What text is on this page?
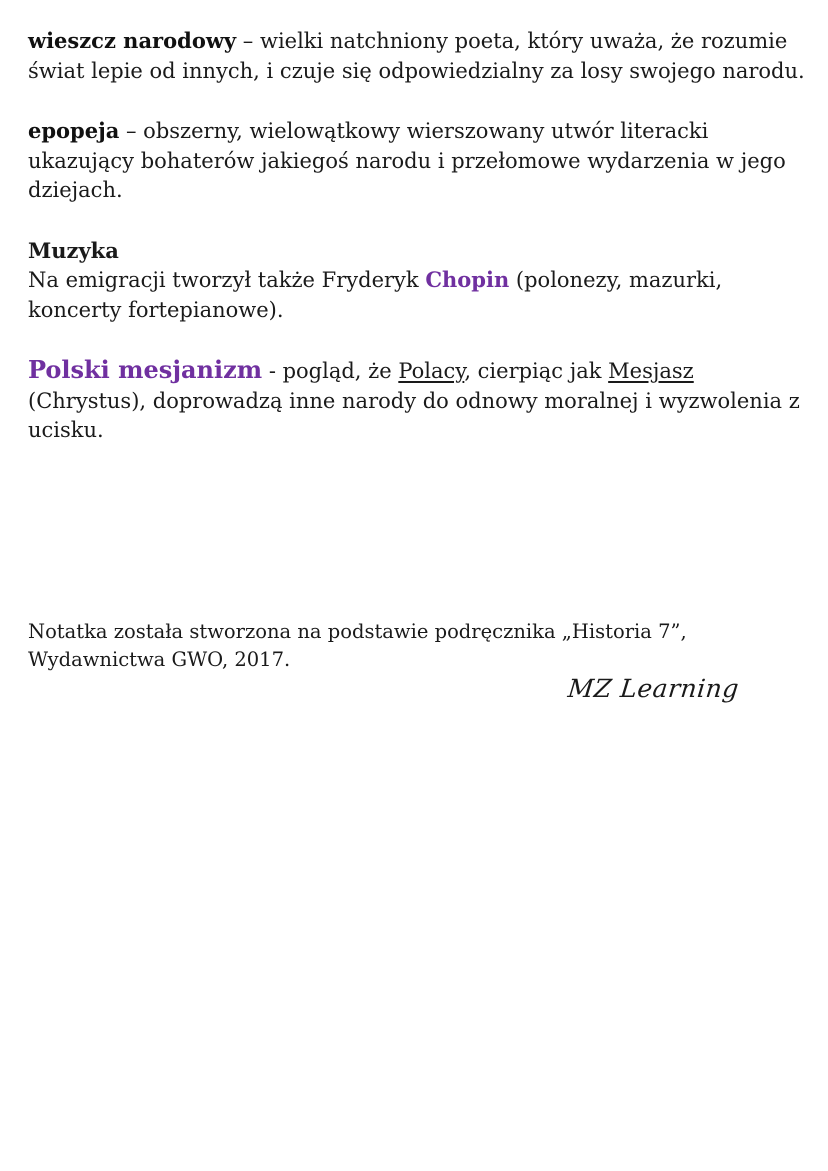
wieszcz narodowy – wielki natchniony poeta, który uważa, że rozumie świat lepie od innych, i czuje się odpowiedzialny za losy swojego narodu.

epopeja – obszerny, wielowątkowy wierszowany utwór literacki ukazujący bohaterów jakiegoś narodu i przełomowe wydarzenia w jego dziejach.

Muzyka

Na emigracji tworzył także Fryderyk Chopin (polonezy, mazurki, koncerty fortepianowe).

Polski mesjanizm - pogląd, że Polacy, cierpiąc jak Mesjasz (Chrystus), doprowadzą inne narody do odnowy moralnej i wyzwolenia z ucisku.

Notatka została stworzona na podstawie podręcznika „Historia 7”,

Wydawnictwa GWO, 2017.

MZ Learning
